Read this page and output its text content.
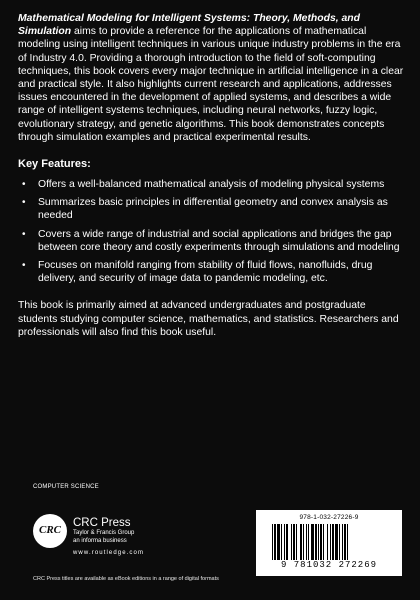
Mathematical Modeling for Intelligent Systems: Theory, Methods, and Simulation aims to provide a reference for the applications of mathematical modeling using intelligent techniques in various unique industry problems in the era of Industry 4.0. Providing a thorough introduction to the field of soft-computing techniques, this book covers every major technique in artificial intelligence in a clear and practical style. It also highlights current research and applications, addresses issues encountered in the development of applied systems, and describes a wide range of intelligent systems techniques, including neural networks, fuzzy logic, evolutionary strategy, and genetic algorithms. This book demonstrates concepts through simulation examples and practical experimental results.

Key Features:
• Offers a well-balanced mathematical analysis of modeling physical systems
• Summarizes basic principles in differential geometry and convex analysis as needed
• Covers a wide range of industrial and social applications and bridges the gap between core theory and costly experiments through simulations and modeling
• Focuses on manifold ranging from stability of fluid flows, nanofluids, drug delivery, and security of image data to pandemic modeling, etc.

This book is primarily aimed at advanced undergraduates and postgraduate students studying computer science, mathematics, and statistics. Researchers and professionals will also find this book useful.

COMPUTER SCIENCE
CRC
CRC Press
Taylor & Francis Group
an informa business
www.routledge.com
CRC Press titles are available as eBook editions in a range of digital formats
978-1-032-27226-9
9 781032 272269
